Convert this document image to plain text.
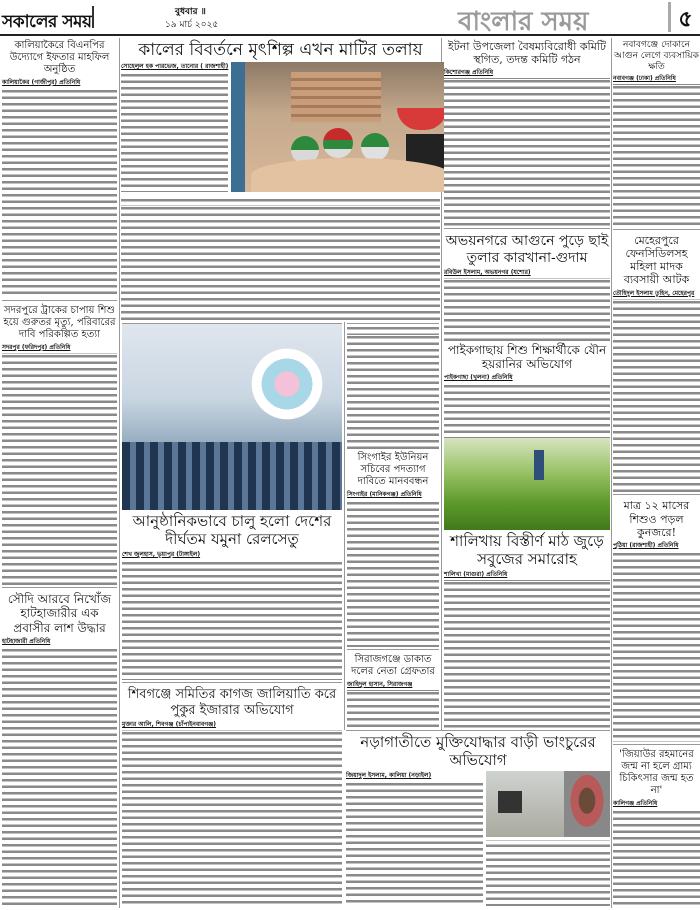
সকালের সময়	বুধবার ॥
১৯ মার্চ ২০২৫	বাংলার সময়	৫
কালিয়াকৈরে বিএনপির উদ্যোগে ইফতার মাহফিল অনুষ্ঠিত
কালিয়াকৈর (গাজীপুর) প্রতিনিধি
সদরপুরে ট্রাকের চাপায় শিশু হয়ে গুরুতর মৃত্যু, পরিবারের দাবি পরিকল্পিত হত্যা
সদরপুর (ফরিদপুর) প্রতিনিধি
সৌদি আরবে নিখোঁজ হাটহাজারীর এক প্রবাসীর লাশ উদ্ধার
হাটহাজারী প্রতিনিধি
কালের বিবর্তনে মৃৎশিল্প এখন মাটির তলায়
সোহেলুল হক পারভেজ, তানোর ( রাজশাহী)
আনুষ্ঠানিকভাবে চালু হলো দেশের দীর্ঘতম যমুনা রেলসেতু
শেখ জুলহাস, ভূয়াপুর (টাঙ্গাইল)
শিবগঞ্জে সমিতির কাগজ জালিয়াতি করে পুকুর ইজারার অভিযোগ
মুক্তার আলি, শিবগঞ্জ (চাঁপাইনবাবগঞ্জ)
সিংগাইর ইউনিয়ন সচিবের পদত্যাগ দাবিতে মানববন্ধন
সিংগাইর (মানিকগঞ্জ) প্রতিনিধি
সিরাজগঞ্জে ডাকাত দলের নেতা গ্রেফতার
জাহিদুল হাসান, সিরাজগঞ্জ
ইটনা উপজেলা বৈষম্যবিরোধী কমিটি স্থগিত, তদন্ত কমিটি গঠন
কিশোরগঞ্জ প্রতিনিধি
অভয়নগরে আগুনে পুড়ে ছাই তুলার কারখানা-গুদাম
রবিউল ইসলাম, অভয়নগর (যশোর)
পাইকগাছায় শিশু শিক্ষার্থীকে যৌন হয়রানির অভিযোগ
পাইকগাছা (খুলনা) প্রতিনিধি
শালিখায় বিস্তীর্ণ মাঠ জুড়ে সবুজের সমারোহ
শালিখা (মাগুরা) প্রতিনিধি
নড়াগাতীতে মুক্তিযোদ্ধার বাড়ী ভাংচুরের অভিযোগ
জিয়াদুল ইসলাম, কালিয়া (নড়াইল)
নবাবগঞ্জে দোকানে আগুন লেগে ব্যবসায়িক ক্ষতি
নবাবগঞ্জ (ঢাকা) প্রতিনিধি
মেহেরপুরে ফেনসিডিলসহ মহিলা মাদক ব্যবসায়ী আটক
তৌহিদুল ইসলাম তুহিন, মেহেরপুর
মাত্র ১২ মাসের শিশুও পড়ল কুনজরে!
পুঠিয়া (রাজশাহী) প্রতিনিধি
'জিয়াউর রহমানের জন্ম না হলে গ্রাম্য চিকিৎসার জন্ম হত না'
কালিগঞ্জ প্রতিনিধি
